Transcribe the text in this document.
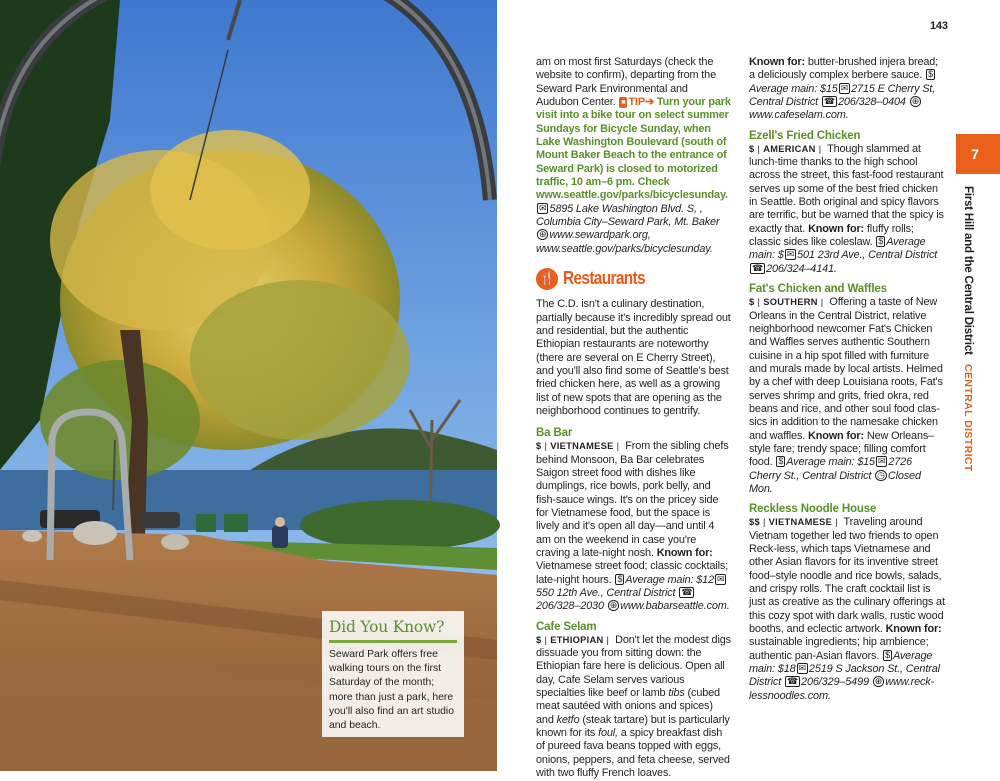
Did You Know?
Seward Park offers free walking tours on the first Saturday of the month; more than just a park, here you'll also find an art studio and beach.
143

am on most first Saturdays (check the website to confirm), departing from the Seward Park Environmental and Audubon Center. ■ TIP➔ Turn your park visit into a bike tour on select summer Sundays for Bicycle Sunday, when Lake Washington Boulevard (south of Mount Baker Beach to the entrance of Seward Park) is closed to motorized traffic, 10 am–6 pm. Check www.seattle.gov/parks/bicyclesunday. ✉ 5895 Lake Washington Blvd. S, , Columbia City–Seward Park, Mt. Baker ⊕ www.sewardpark.org, www.seattle.gov/parks/bicyclesunday.

🍴 Restaurants

The C.D. isn't a culinary destination, partially because it's incredibly spread out and residential, but the authentic Ethiopian restaurants are noteworthy (there are several on E Cherry Street), and you'll also find some of Seattle's best fried chicken here, as well as a growing list of new spots that are opening as the neighborhood continues to gentrify.

Ba Bar

$ | VIETNAMESE | From the sibling chefs behind Monsoon, Ba Bar celebrates Saigon street food with dishes like dumplings, rice bowls, pork belly, and fish-sauce wings. It's on the pricey side for Vietnamese food, but the space is lively and it's open all day—and until 4 am on the weekend in case you're craving a late-night nosh. Known for: Vietnamese street food; classic cocktails; late-night hours. $ Average main: $12 ✉550 12th Ave., Central District ☎206/328–2030 ⊕ www.babarseattle.com.

Cafe Selam

$ | ETHIOPIAN | Don't let the modest digs dissuade you from sitting down: the Ethiopian fare here is delicious. Open all day, Cafe Selam serves various specialties like beef or lamb tibs (cubed meat sautéed with onions and spices) and ketfo (steak tartare) but is particularly known for its foul, a spicy breakfast dish of pureed fava beans topped with eggs, onions, peppers, and feta cheese, served with two fluffy French loaves.

Known for: butter-brushed injera bread; a deliciously complex berbere sauce. $Average main: $15 ✉ 2715 E Cherry St, Central District ☎ 206/328–0404 ⊕www.cafeselam.com.

Ezell's Fried Chicken

$ | AMERICAN | Though slammed at lunch-time thanks to the high school across the street, this fast-food restaurant serves up some of the best fried chicken in Seattle. Both original and spicy flavors are terrific, but be warned that the spicy is exactly that. Known for: fluffy rolls; classic sides like coleslaw. $ Average main: $ ✉ 501 23rd Ave., Central District ☎ 206/324–4141.

Fat's Chicken and Waffles

$ | SOUTHERN | Offering a taste of New Orleans in the Central District, relative neighborhood newcomer Fat's Chicken and Waffles serves authentic Southern cuisine in a hip spot filled with furniture and murals made by local artists. Helmed by a chef with deep Louisiana roots, Fat's serves shrimp and grits, fried okra, red beans and rice, and other soul food clas-sics in addition to the namesake chicken and waffles. Known for: New Orleans–style fare; trendy space; filling comfort food. $ Average main: $15 ✉ 2726 Cherry St., Central District ◷ Closed Mon.

Reckless Noodle House

$$ | VIETNAMESE | Traveling around Vietnam together led two friends to open Reck-less, which taps Vietnamese and other Asian flavors for its inventive street food–style noodle and rice bowls, salads, and crispy rolls. The craft cocktail list is just as creative as the culinary offerings at this cozy spot with dark walls, rustic wood booths, and eclectic artwork. Known for: sustainable ingredients; hip ambience; authentic pan-Asian flavors. $ Average main: $18 ✉ 2519 S Jackson St., Central District ☎ 206/329–5499 ⊕ www.reck-lessnoodles.com.

7
First Hill and the Central District CENTRAL DISTRICT
